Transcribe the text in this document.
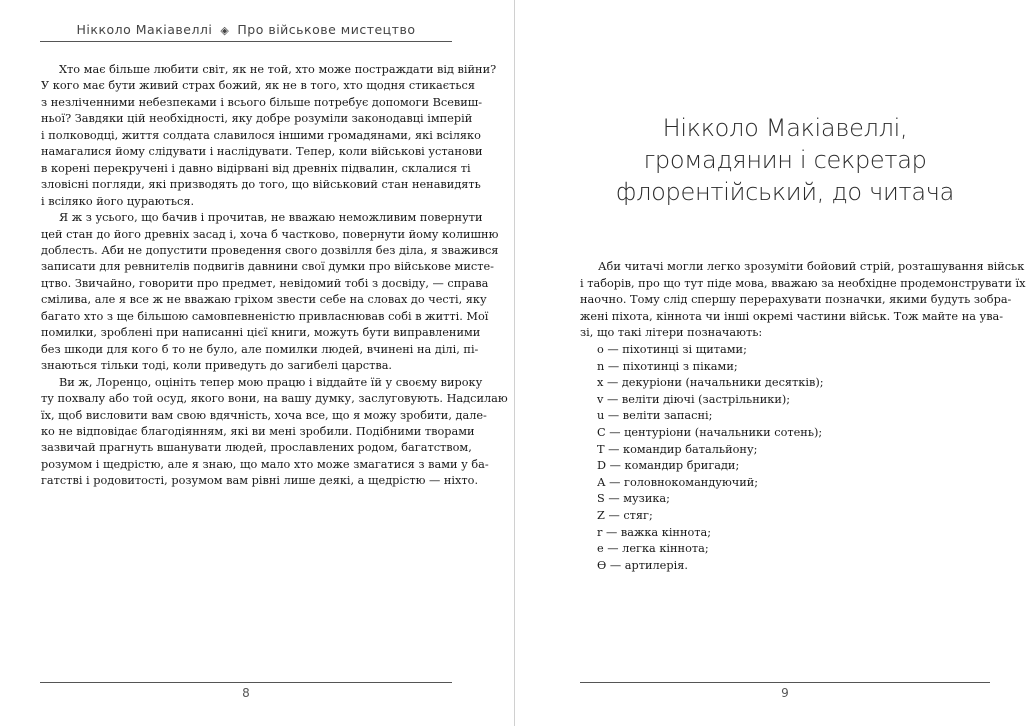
Нікколо Макіавеллі ◈ Про військове мистецтво

Хто має більше любити світ, як не той, хто може постраждати від війни?
У кого має бути живий страх божий, як не в того, хто щодня стикається
з незліченними небезпеками і всього більше потребує допомоги Всевиш-
ньої? Завдяки цій необхідності, яку добре розуміли законодавці імперій
і полководці, життя солдата славилося іншими громадянами, які всіляко
намагалися йому слідувати і наслідувати. Тепер, коли військові установи
в корені перекручені і давно відірвані від древніх підвалин, склалися ті
зловісні погляди, які призводять до того, що військовий стан ненавидять
і всіляко його цураються.

Я ж з усього, що бачив і прочитав, не вважаю неможливим повернути
цей стан до його древніх засад і, хоча б частково, повернути йому колишню
доблесть. Аби не допустити проведення свого дозвілля без діла, я зважився
записати для ревнителів подвигів давнини свої думки про військове мисте-
цтво. Звичайно, говорити про предмет, невідомий тобі з досвіду, — справа
смілива, але я все ж не вважаю гріхом звести себе на словах до честі, яку
багато хто з ще більшою самовпевненістю привласнював собі в житті. Мої
помилки, зроблені при написанні цієї книги, можуть бути виправленими
без шкоди для кого б то не було, але помилки людей, вчинені на ділі, пі-
знаються тільки тоді, коли приведуть до загибелі царства.

Ви ж, Лоренцо, оцініть тепер мою працю і віддайте їй у своєму вироку
ту похвалу або той осуд, якого вони, на вашу думку, заслуговують. Надсилаю
їх, щоб висловити вам свою вдячність, хоча все, що я можу зробити, дале-
ко не відповідає благодіянням, які ви мені зробили. Подібними творами
зазвичай прагнуть вшанувати людей, прославлених родом, багатством,
розумом і щедрістю, але я знаю, що мало хто може змагатися з вами у ба-
гатстві і родовитості, розумом вам рівні лише деякі, а щедрістю — ніхто.

8
Нікколо Макіавеллі,
громадянин і секретар
флорентійський, до читача
Аби читачі могли легко зрозуміти бойовий стрій, розташування військ
і таборів, про що тут піде мова, вважаю за необхідне продемонструвати їх
наочно. Тому слід спершу перерахувати позначки, якими будуть зобра-
жені піхота, кіннота чи інші окремі частини військ. Тож майте на ува-
зі, що такі літери позначають:
о — піхотинці зі щитами;
n — піхотинці з піками;
х — декуріони (начальники десятків);
v — веліти діючі (застрільники);
u — веліти запасні;
С — центуріони (начальники сотень);
Т — командир батальйону;
D — командир бригади;
А — головнокомандуючий;
S — музика;
Z — стяг;
r — важка кіннота;
e — легка кіннота;
ϴ — артилерія.
9
